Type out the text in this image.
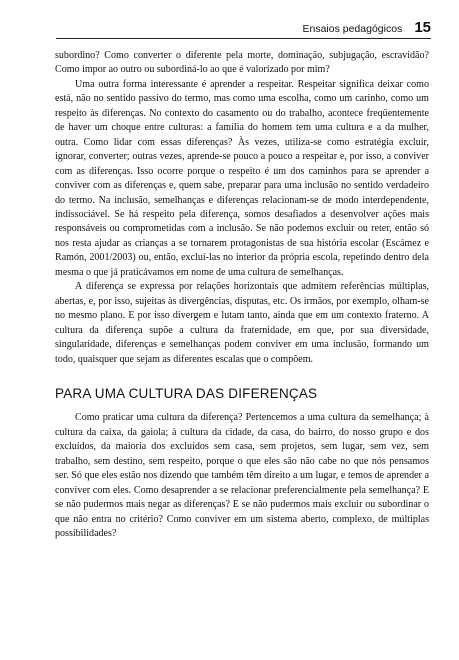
Ensaios pedagógicos 15

subordino? Como converter o diferente pela morte, dominação, subjugação, escravidão? Como impor ao outro ou subordiná-lo ao que é valorizado por mim?

Uma outra forma interessante é aprender a respeitar. Respeitar significa deixar como está, não no sentido passivo do termo, mas como uma escolha, como um carinho, como um respeito às diferenças. No contexto do casamento ou do trabalho, acontece freqüentemente de haver um choque entre culturas: a família do homem tem uma cultura e a da mulher, outra. Como lidar com essas diferenças? Às vezes, utiliza-se como estratégia excluir, ignorar, converter; outras vezes, aprende-se pouco a pouco a respeitar e, por isso, a conviver com as diferenças. Isso ocorre porque o respeito é um dos caminhos para se aprender a conviver com as diferenças e, quem sabe, preparar para uma inclusão no sentido verdadeiro do termo. Na inclusão, semelhanças e diferenças relacionam-se de modo interdependente, indissociável. Se há respeito pela diferença, somos desafiados a desenvolver ações mais responsáveis ou comprometidas com a inclusão. Se não podemos excluir ou reter, então só nos resta ajudar as crianças a se tornarem protagonistas de sua história escolar (Escámez e Ramón, 2001/2003) ou, então, excluí-las no interior da própria escola, repetindo dentro dela mesma o que já praticávamos em nome de uma cultura de semelhanças.

A diferença se expressa por relações horizontais que admitem referências múltiplas, abertas, e, por isso, sujeitas às divergências, disputas, etc. Os irmãos, por exemplo, olham-se no mesmo plano. E por isso divergem e lutam tanto, ainda que em um contexto fraterno. A cultura da diferença supõe a cultura da fraternidade, em que, por sua diversidade, singularidade, diferenças e semelhanças podem conviver em uma inclusão, formando um todo, quaisquer que sejam as diferentes escalas que o compõem.

PARA UMA CULTURA DAS DIFERENÇAS

Como praticar uma cultura da diferença? Pertencemos a uma cultura da semelhança; à cultura da caixa, da gaiola; à cultura da cidade, da casa, do bairro, do nosso grupo e dos excluídos, da maioria dos excluídos sem casa, sem projetos, sem lugar, sem vez, sem trabalho, sem destino, sem respeito, porque o que eles são não cabe no que nós pensamos ser. Só que eles estão nos dizendo que também têm direito a um lugar, e temos de aprender a conviver com eles. Como desaprender a se relacionar preferencialmente pela semelhança? E se não pudermos mais negar as diferenças? E se não pudermos mais excluir ou subordinar o que não entra no critério? Como conviver em um sistema aberto, complexo, de múltiplas possibilidades?
